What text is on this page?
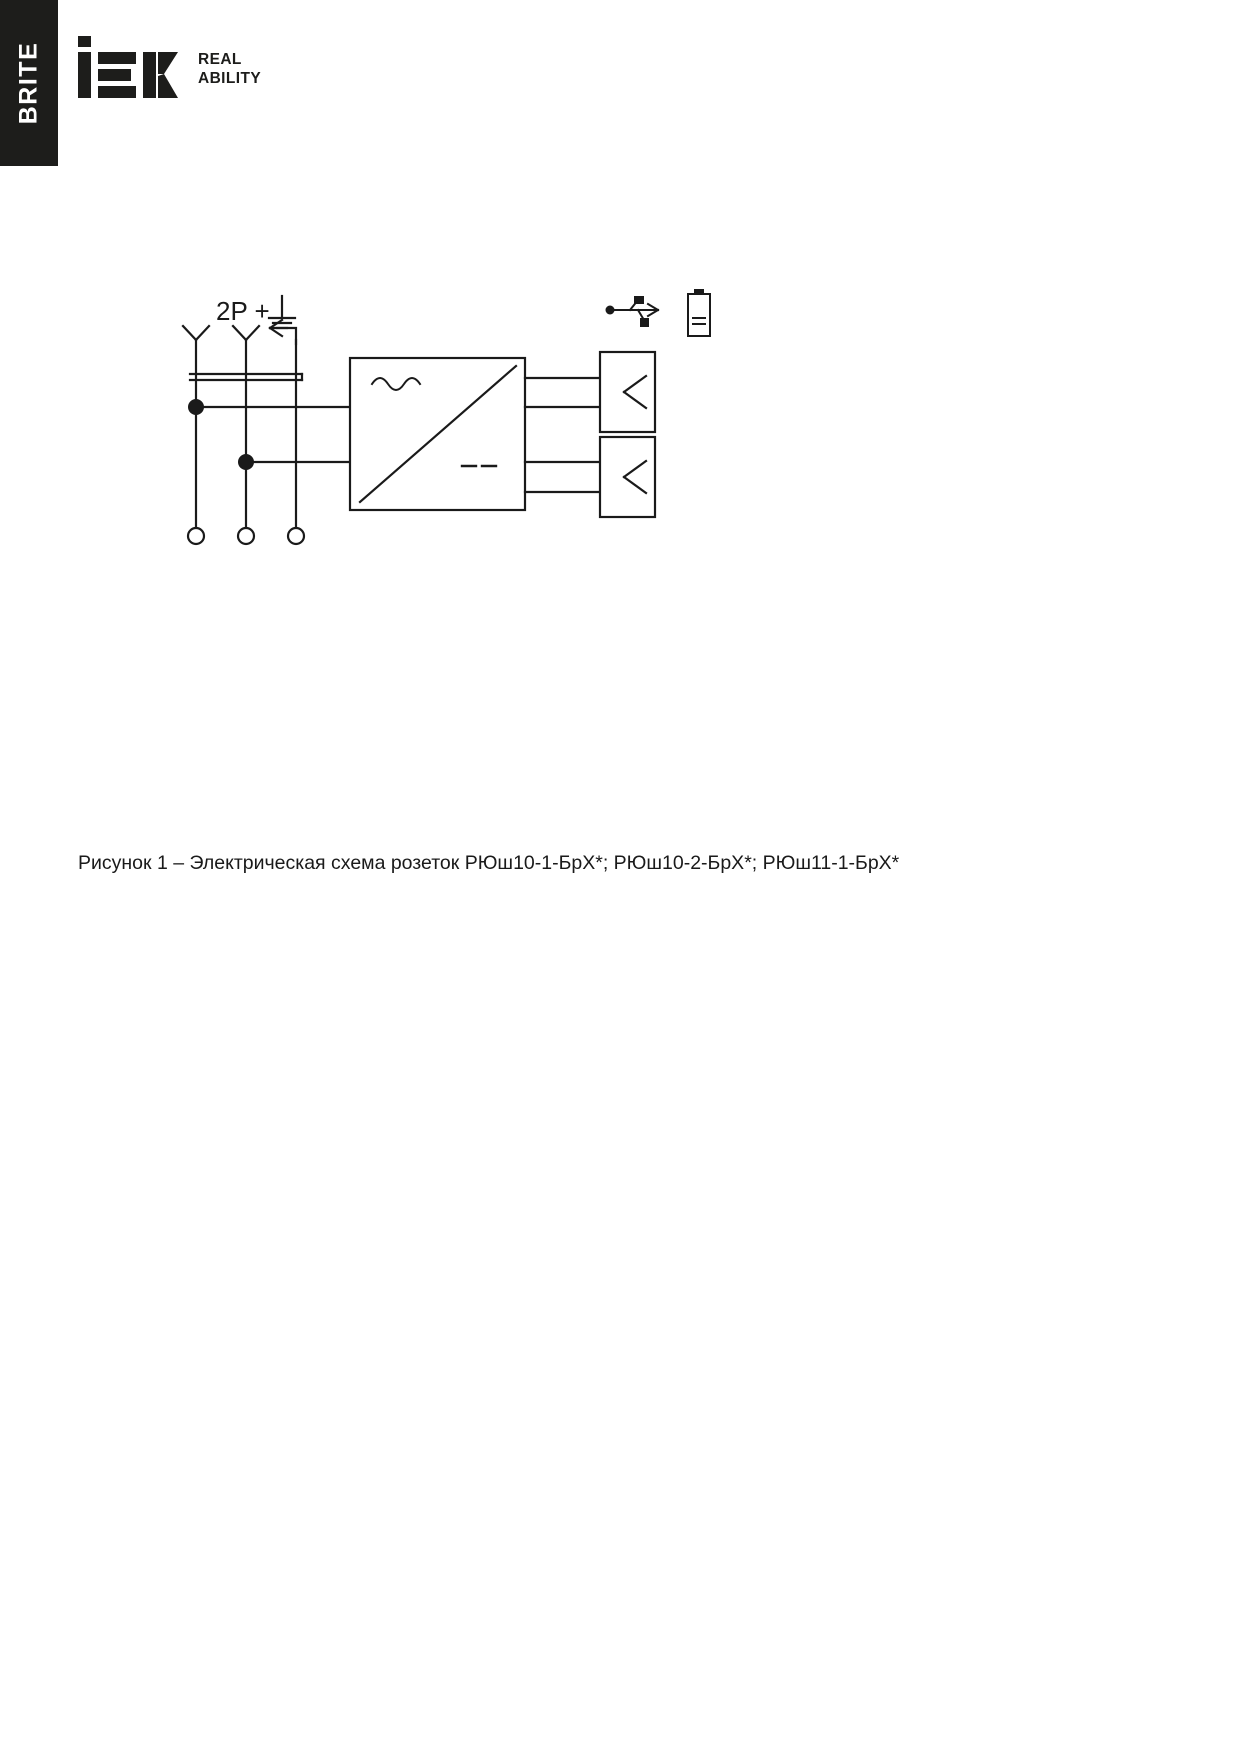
BRITE	REAL
ABILITY
2P +
Рисунок 1 – Электрическая схема розеток РЮш10-1-БрX*; РЮш10-2-БрX*; РЮш11-1-БрX*
